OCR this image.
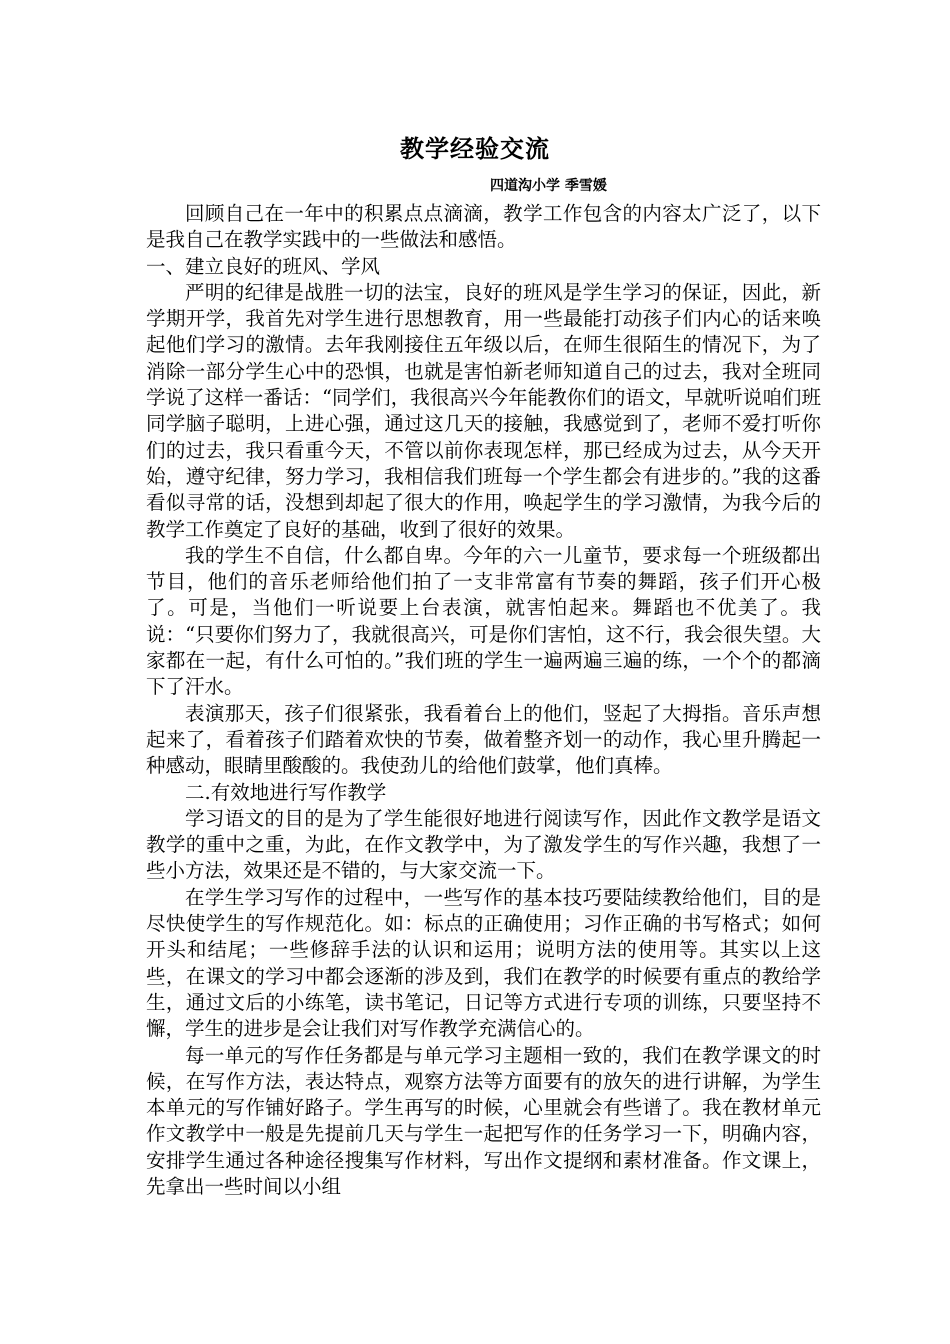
教学经验交流
四道沟小学 季雪媛

回顾自己在一年中的积累点点滴滴，教学工作包含的内容太广泛了，以下是我自己在教学实践中的一些做法和感悟。

一、建立良好的班风、学风

严明的纪律是战胜一切的法宝，良好的班风是学生学习的保证，因此，新学期开学，我首先对学生进行思想教育，用一些最能打动孩子们内心的话来唤起他们学习的激情。去年我刚接住五年级以后，在师生很陌生的情况下，为了消除一部分学生心中的恐惧，也就是害怕新老师知道自己的过去，我对全班同学说了这样一番话：“同学们，我很高兴今年能教你们的语文，早就听说咱们班同学脑子聪明，上进心强，通过这几天的接触，我感觉到了，老师不爱打听你们的过去，我只看重今天，不管以前你表现怎样，那已经成为过去，从今天开始，遵守纪律，努力学习，我相信我们班每一个学生都会有进步的。”我的这番看似寻常的话，没想到却起了很大的作用，唤起学生的学习激情，为我今后的教学工作奠定了良好的基础，收到了很好的效果。

我的学生不自信，什么都自卑。今年的六一儿童节，要求每一个班级都出节目，他们的音乐老师给他们拍了一支非常富有节奏的舞蹈，孩子们开心极了。可是，当他们一听说要上台表演，就害怕起来。舞蹈也不优美了。我说：“只要你们努力了，我就很高兴，可是你们害怕，这不行，我会很失望。大家都在一起，有什么可怕的。”我们班的学生一遍两遍三遍的练，一个个的都滴下了汗水。

表演那天，孩子们很紧张，我看着台上的他们，竖起了大拇指。音乐声想起来了，看着孩子们踏着欢快的节奏，做着整齐划一的动作，我心里升腾起一种感动，眼睛里酸酸的。我使劲儿的给他们鼓掌，他们真棒。

二.有效地进行写作教学

学习语文的目的是为了学生能很好地进行阅读写作，因此作文教学是语文教学的重中之重，为此，在作文教学中，为了激发学生的写作兴趣，我想了一些小方法，效果还是不错的，与大家交流一下。

在学生学习写作的过程中，一些写作的基本技巧要陆续教给他们，目的是尽快使学生的写作规范化。如：标点的正确使用；习作正确的书写格式；如何开头和结尾；一些修辞手法的认识和运用；说明方法的使用等。其实以上这些，在课文的学习中都会逐渐的涉及到，我们在教学的时候要有重点的教给学生，通过文后的小练笔，读书笔记，日记等方式进行专项的训练，只要坚持不懈，学生的进步是会让我们对写作教学充满信心的。

每一单元的写作任务都是与单元学习主题相一致的，我们在教学课文的时候，在写作方法，表达特点，观察方法等方面要有的放矢的进行讲解，为学生本单元的写作铺好路子。学生再写的时候，心里就会有些谱了。我在教材单元作文教学中一般是先提前几天与学生一起把写作的任务学习一下，明确内容，安排学生通过各种途径搜集写作材料，写出作文提纲和素材准备。作文课上，先拿出一些时间以小组
